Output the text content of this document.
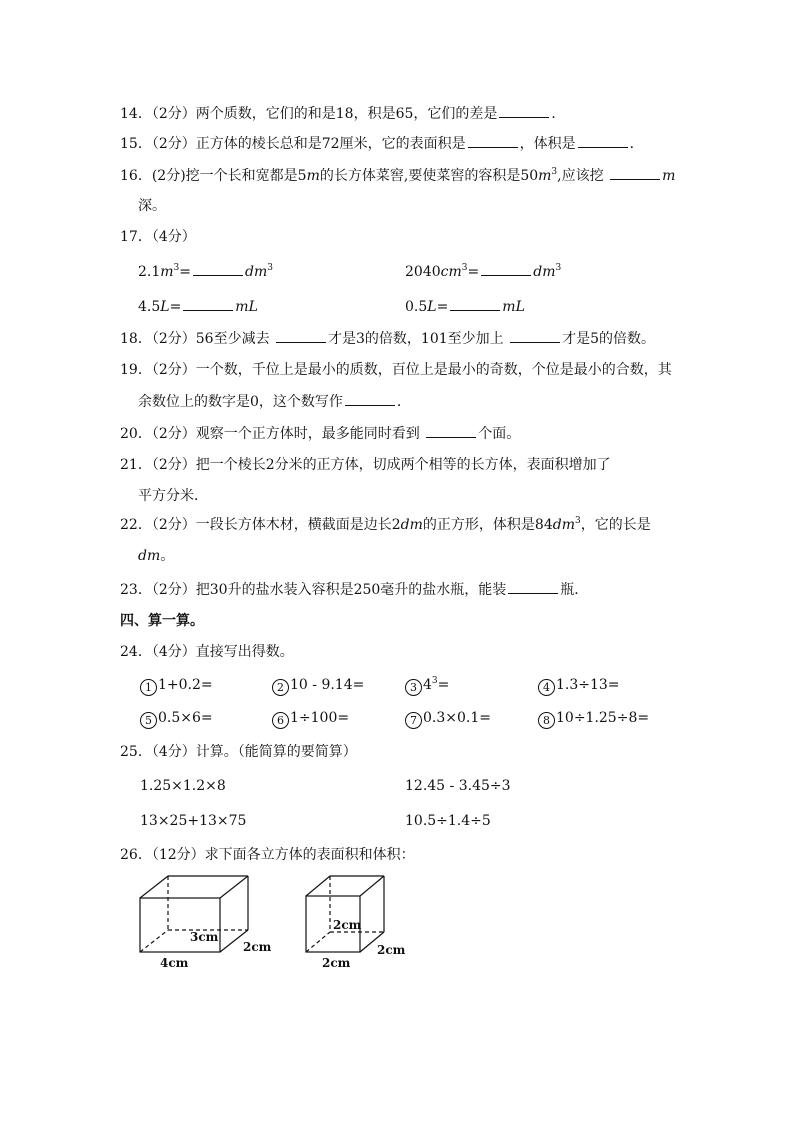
14．（2分）两个质数，它们的和是18，积是65，它们的差是	．
15．（2分）正方体的棱长总和是72厘米，它的表面积是	，体积是	．
16．(2分)挖一个长和宽都是5m的长方体菜窖,要使菜窖的容积是$50m^3$,应该挖	m
深。
17．（4分）
$2.1m^3=$	$dm^3$	$2040cm^3=$	$dm^3$
4.5L=	mL	0.5L=	mL
18．（2分）56至少减去	才是3的倍数，101至少加上	才是5的倍数。
19．（2分）一个数，千位上是最小的质数，百位上是最小的奇数，个位是最小的合数，其
余数位上的数字是0，这个数写作	．
20．（2分）观察一个正方体时，最多能同时看到	个面。
21．（2分）把一个棱长2分米的正方体，切成两个相等的长方体，表面积增加了
平方分米．
22．（2分）一段长方体木材，横截面是边长2dm的正方形，体积是$84dm^3$，它的长是
dm。
23．（2分）把30升的盐水装入容积是250毫升的盐水瓶，能装	瓶．
四、算一算。
24．（4分）直接写出得数。
1 1+0.2=	2 10 - 9.14=	3 $4^3=$	4 1.3÷13=
5 0.5×6=	6 1÷100=	7 0.3×0.1=	8 10÷1.25÷8=
25．（4分）计算。（能简算的要简算）
1.25×1.2×8	12.45 - 3.45÷3
13×25+13×75	10.5÷1.4÷5
26．（12分）求下面各立方体的表面积和体积：
3cm
2cm
4cm
2cm
2cm
2cm
